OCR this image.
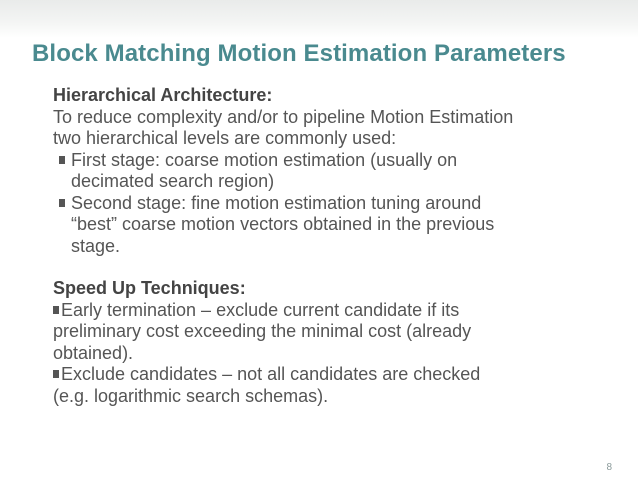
Block Matching Motion Estimation Parameters
Hierarchical Architecture:
To reduce complexity and/or to pipeline Motion Estimation
two hierarchical levels are commonly used:
First stage: coarse motion estimation (usually on
decimated search region)
Second stage: fine motion estimation tuning around
“best” coarse motion vectors obtained in the previous
stage.
Speed Up Techniques:
Early termination – exclude current candidate if its
preliminary cost exceeding the minimal cost (already
obtained).
Exclude candidates – not all candidates are checked
(e.g. logarithmic search schemas).
8
